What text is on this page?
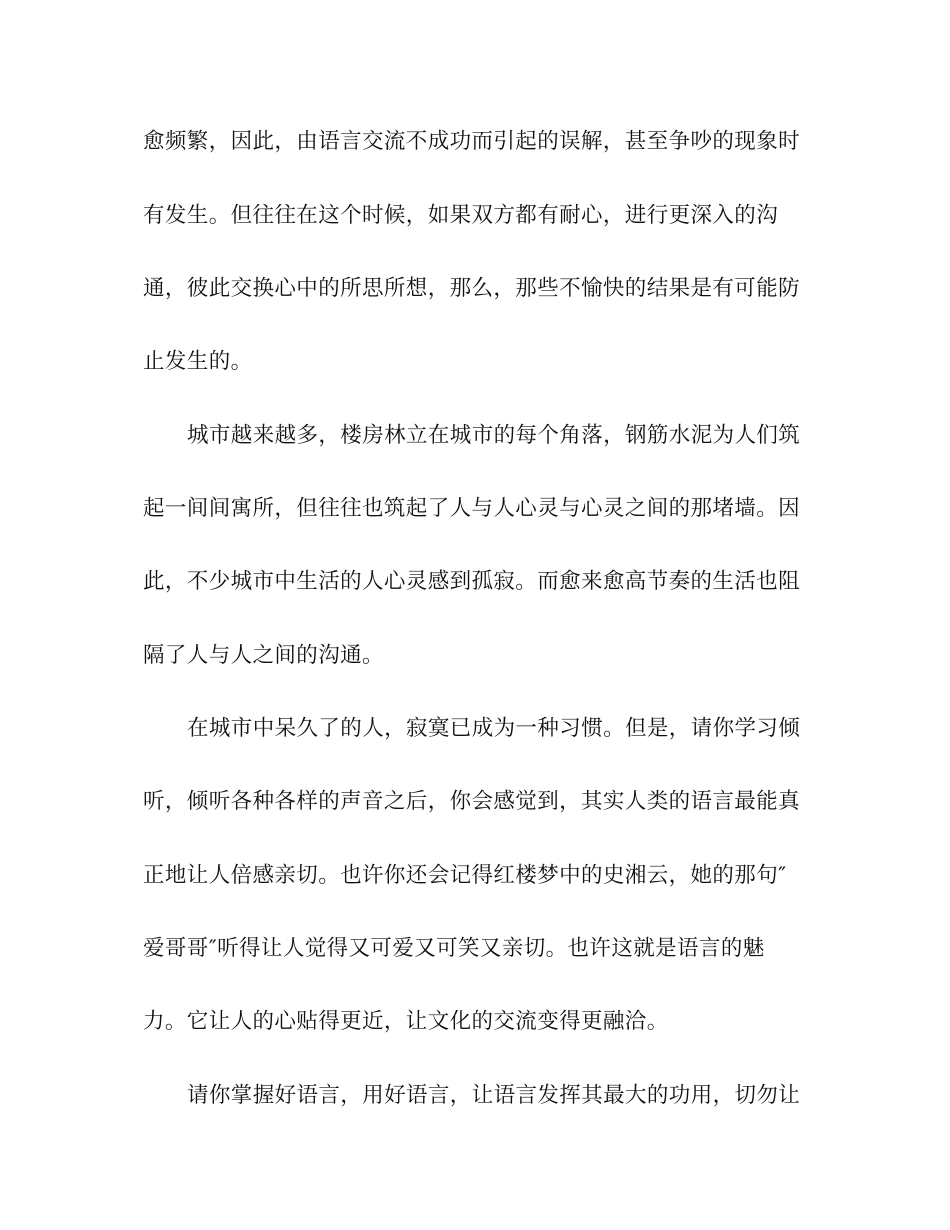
愈频繁，因此，由语言交流不成功而引起的误解，甚至争吵的现象时
有发生。但往往在这个时候，如果双方都有耐心，进行更深入的沟
通，彼此交换心中的所思所想，那么，那些不愉快的结果是有可能防
止发生的。
城市越来越多，楼房林立在城市的每个角落，钢筋水泥为人们筑
起一间间寓所，但往往也筑起了人与人心灵与心灵之间的那堵墙。因
此，不少城市中生活的人心灵感到孤寂。而愈来愈高节奏的生活也阻
隔了人与人之间的沟通。
在城市中呆久了的人，寂寞已成为一种习惯。但是，请你学习倾
听，倾听各种各样的声音之后，你会感觉到，其实人类的语言最能真
正地让人倍感亲切。也许你还会记得红楼梦中的史湘云，她的那句″
爱哥哥″听得让人觉得又可爱又可笑又亲切。也许这就是语言的魅
力。它让人的心贴得更近，让文化的交流变得更融洽。
请你掌握好语言，用好语言，让语言发挥其最大的功用，切勿让
